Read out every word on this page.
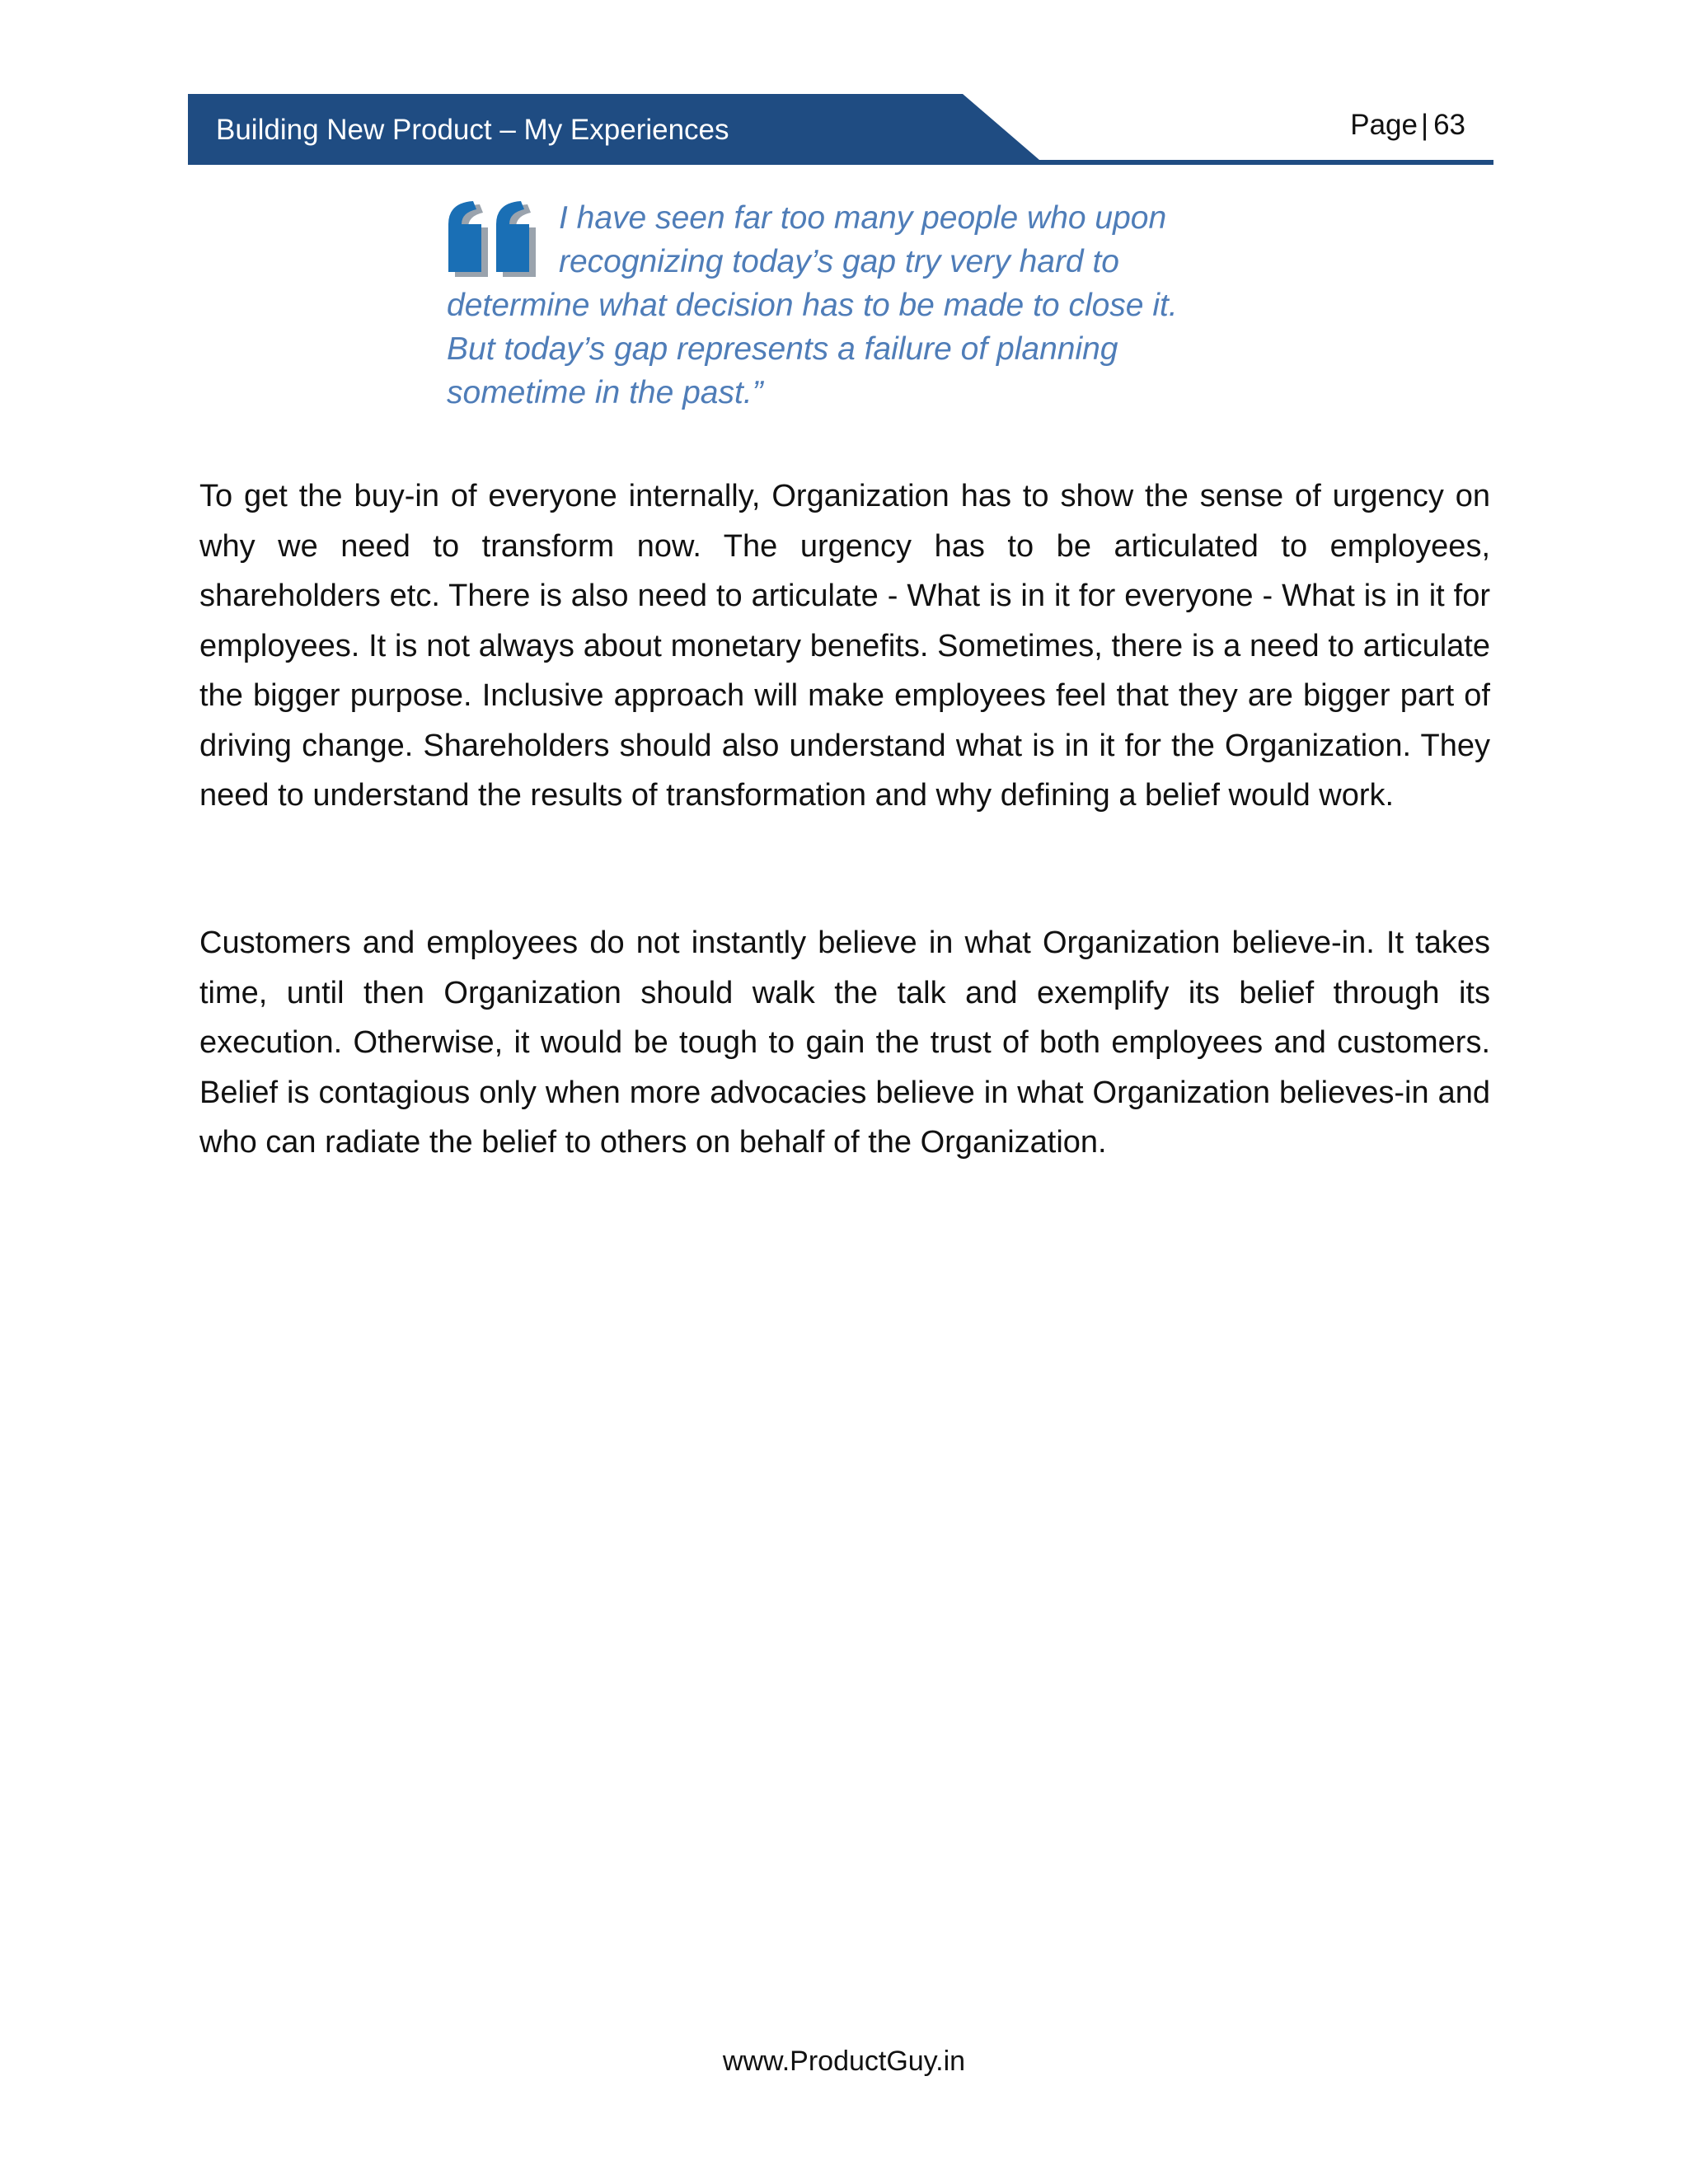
Building New Product – My Experiences	Page | 63
I have seen far too many people who upon recognizing today’s gap try very hard to determine what decision has to be made to close it. But today’s gap represents a failure of planning sometime in the past.”

To get the buy-in of everyone internally, Organization has to show the sense of urgency on why we need to transform now. The urgency has to be articulated to employees, shareholders etc. There is also need to articulate - What is in it for everyone - What is in it for employees. It is not always about monetary benefits. Sometimes, there is a need to articulate the bigger purpose. Inclusive approach will make employees feel that they are bigger part of driving change. Shareholders should also understand what is in it for the Organization. They need to understand the results of transformation and why defining a belief would work.

Customers and employees do not instantly believe in what Organization believe-in. It takes time, until then Organization should walk the talk and exemplify its belief through its execution. Otherwise, it would be tough to gain the trust of both employees and customers. Belief is contagious only when more advocacies believe in what Organization believes-in and who can radiate the belief to others on behalf of the Organization.

www.ProductGuy.in
